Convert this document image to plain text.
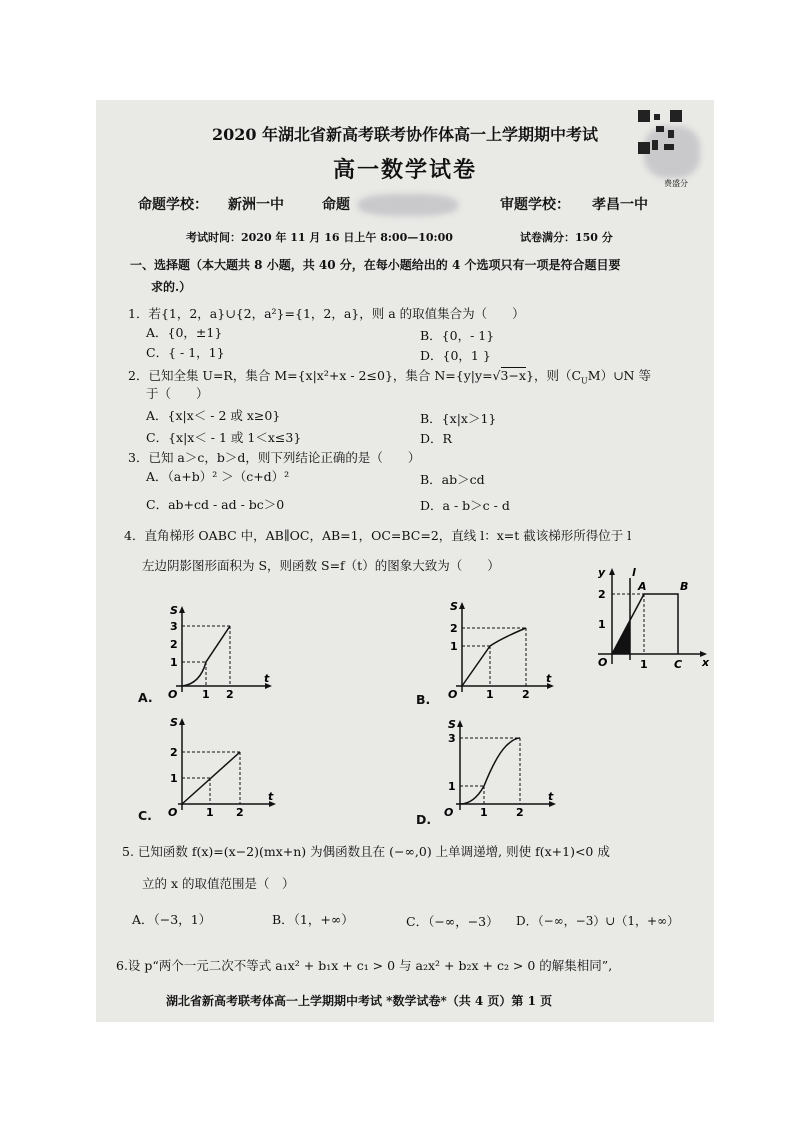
费盛分
2020 年湖北省新高考联考协作体高一上学期期中考试
高一数学试卷
命题学校： 新洲一中	命题	审题学校： 孝昌一中
考试时间：2020 年 11 月 16 日上午 8:00—10:00	试卷满分：150 分
一、选择题（本大题共 8 小题，共 40 分，在每小题给出的 4 个选项只有一项是符合题目要
求的.）
1．若{1，2，a}∪{2，a²}={1，2，a}，则 a 的取值集合为（　　）
A．{0，±1}	B．{0，- 1}
C．{ - 1，1}	D．{0，1 }
2．已知全集 U=R，集合 M={x|x²+x - 2≤0}，集合 N={y|y=√3−x}，则$(C_UM)\cup N$ 等
于（　　）
A．{x|x＜ - 2 或 x≥0}	B．{x|x＞1}
C．{x|x＜ - 1 或 1＜x≤3}	D．R
3．已知 a＞c，b＞d，则下列结论正确的是（　　）
A．（a+b）² ＞（c+d）²	B．ab＞cd
C．ab+cd - ad - bc＞0	D．a - b＞c - d
4．直角梯形 OABC 中，AB∥OC，AB=1，OC=BC=2，直线 l：x=t 截该梯形所得位于 l
左边阴影图形面积为 S，则函数 S=f（t）的图象大致为（　　）	y l
A	B
C
O	x
2
1
1
S
O
t
3
2
1
1 2
A.
S
O
t
2
1
1	2
B.
S
O
t
2
1
1 2
C.
S
O
t
3
1
1	2
D.
5. 已知函数 f(x)=(x−2)(mx+n) 为偶函数且在 (−∞,0) 上单调递增, 则使 f(x+1)<0 成
立的 x 的取值范围是（　）
A．（−3，1）	B．（1，+∞）	C．（−∞，−3） D．（−∞，−3）∪（1，+∞）
6.设 p“两个一元二次不等式 a₁x² + b₁x + c₁ > 0 与 a₂x² + b₂x + c₂ > 0 的解集相同”,
湖北省新高考联考体高一上学期期中考试 *数学试卷*（共 4 页）第 1 页
